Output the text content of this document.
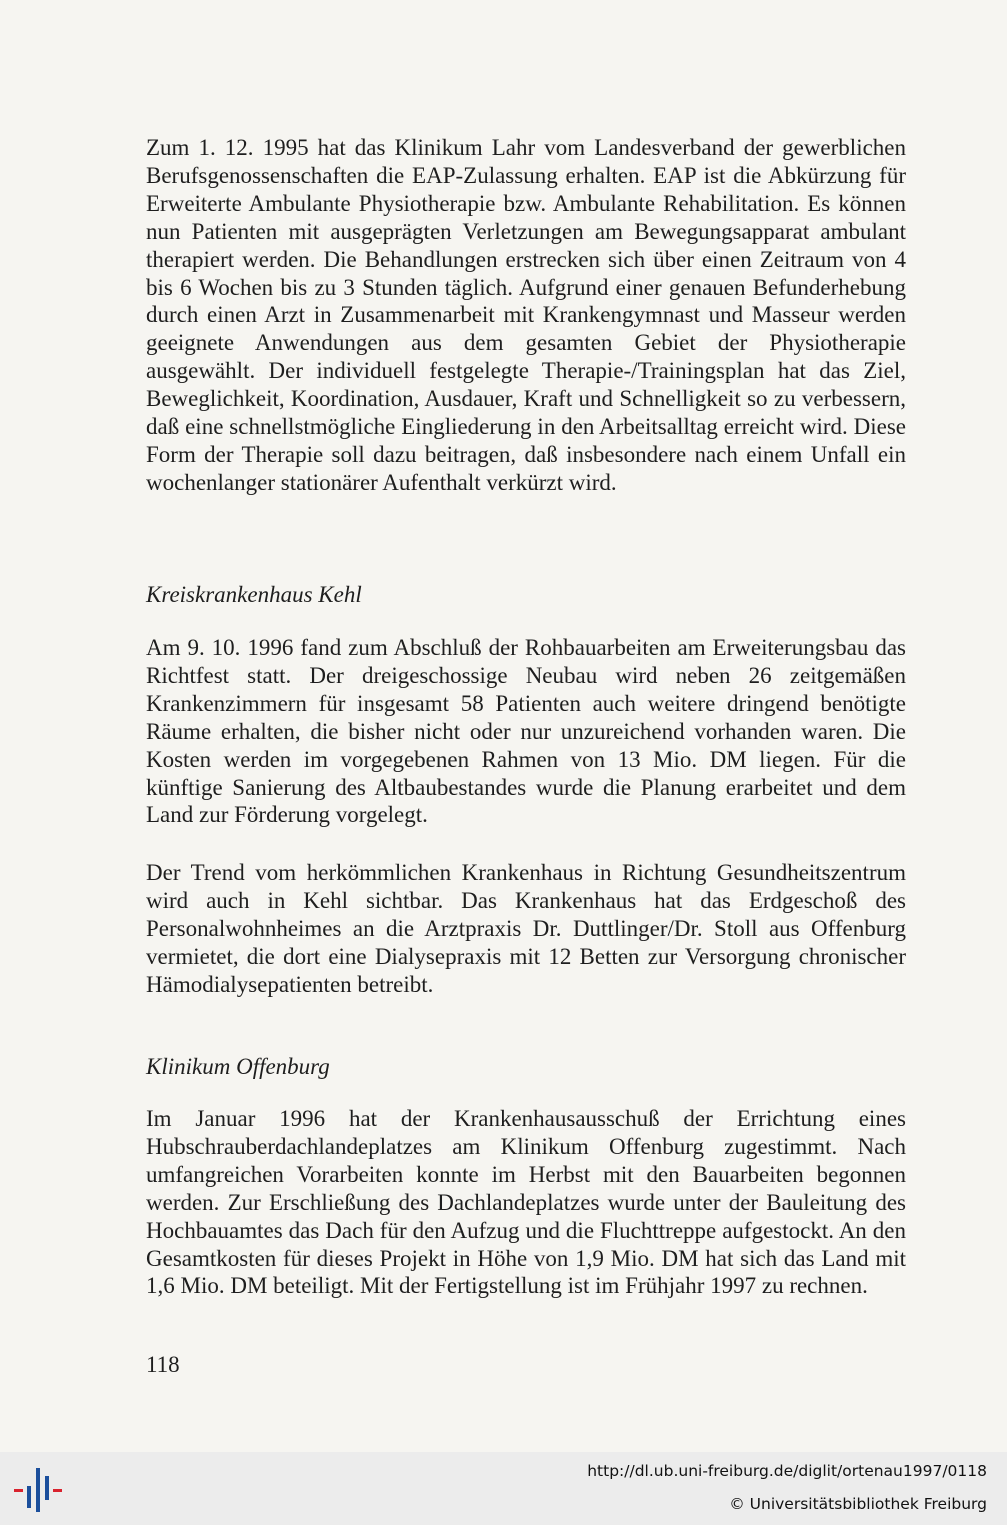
Zum 1. 12. 1995 hat das Klinikum Lahr vom Landesverband der gewerblichen Berufsgenossenschaften die EAP-Zulassung erhalten. EAP ist die Abkürzung für Erweiterte Ambulante Physiotherapie bzw. Ambulante Rehabilitation. Es können nun Patienten mit ausgeprägten Verletzungen am Bewegungsapparat ambulant therapiert werden. Die Behandlungen erstrecken sich über einen Zeitraum von 4 bis 6 Wochen bis zu 3 Stunden täglich. Aufgrund einer genauen Befunderhebung durch einen Arzt in Zusammenarbeit mit Krankengymnast und Masseur werden geeignete Anwendungen aus dem gesamten Gebiet der Physiotherapie ausgewählt. Der individuell festgelegte Therapie-/Trainingsplan hat das Ziel, Beweglichkeit, Koordination, Ausdauer, Kraft und Schnelligkeit so zu verbessern, daß eine schnellstmögliche Eingliederung in den Arbeitsalltag erreicht wird. Diese Form der Therapie soll dazu beitragen, daß insbesondere nach einem Unfall ein wochenlanger stationärer Aufenthalt verkürzt wird.

Kreiskrankenhaus Kehl

Am 9. 10. 1996 fand zum Abschluß der Rohbauarbeiten am Erweiterungsbau das Richtfest statt. Der dreigeschossige Neubau wird neben 26 zeitgemäßen Krankenzimmern für insgesamt 58 Patienten auch weitere dringend benötigte Räume erhalten, die bisher nicht oder nur unzureichend vorhanden waren. Die Kosten werden im vorgegebenen Rahmen von 13 Mio. DM liegen. Für die künftige Sanierung des Altbaubestandes wurde die Planung erarbeitet und dem Land zur Förderung vorgelegt.

Der Trend vom herkömmlichen Krankenhaus in Richtung Gesundheitszentrum wird auch in Kehl sichtbar. Das Krankenhaus hat das Erdgeschoß des Personalwohnheimes an die Arztpraxis Dr. Duttlinger/Dr. Stoll aus Offenburg vermietet, die dort eine Dialysepraxis mit 12 Betten zur Versorgung chronischer Hämodialysepatienten betreibt.

Klinikum Offenburg

Im Januar 1996 hat der Krankenhausausschuß der Errichtung eines Hubschrauberdachlandeplatzes am Klinikum Offenburg zugestimmt. Nach umfangreichen Vorarbeiten konnte im Herbst mit den Bauarbeiten begonnen werden. Zur Erschließung des Dachlandeplatzes wurde unter der Bauleitung des Hochbauamtes das Dach für den Aufzug und die Fluchttreppe aufgestockt. An den Gesamtkosten für dieses Projekt in Höhe von 1,9 Mio. DM hat sich das Land mit 1,6 Mio. DM beteiligt. Mit der Fertigstellung ist im Frühjahr 1997 zu rechnen.

118
http://dl.ub.uni-freiburg.de/diglit/ortenau1997/0118
© Universitätsbibliothek Freiburg
